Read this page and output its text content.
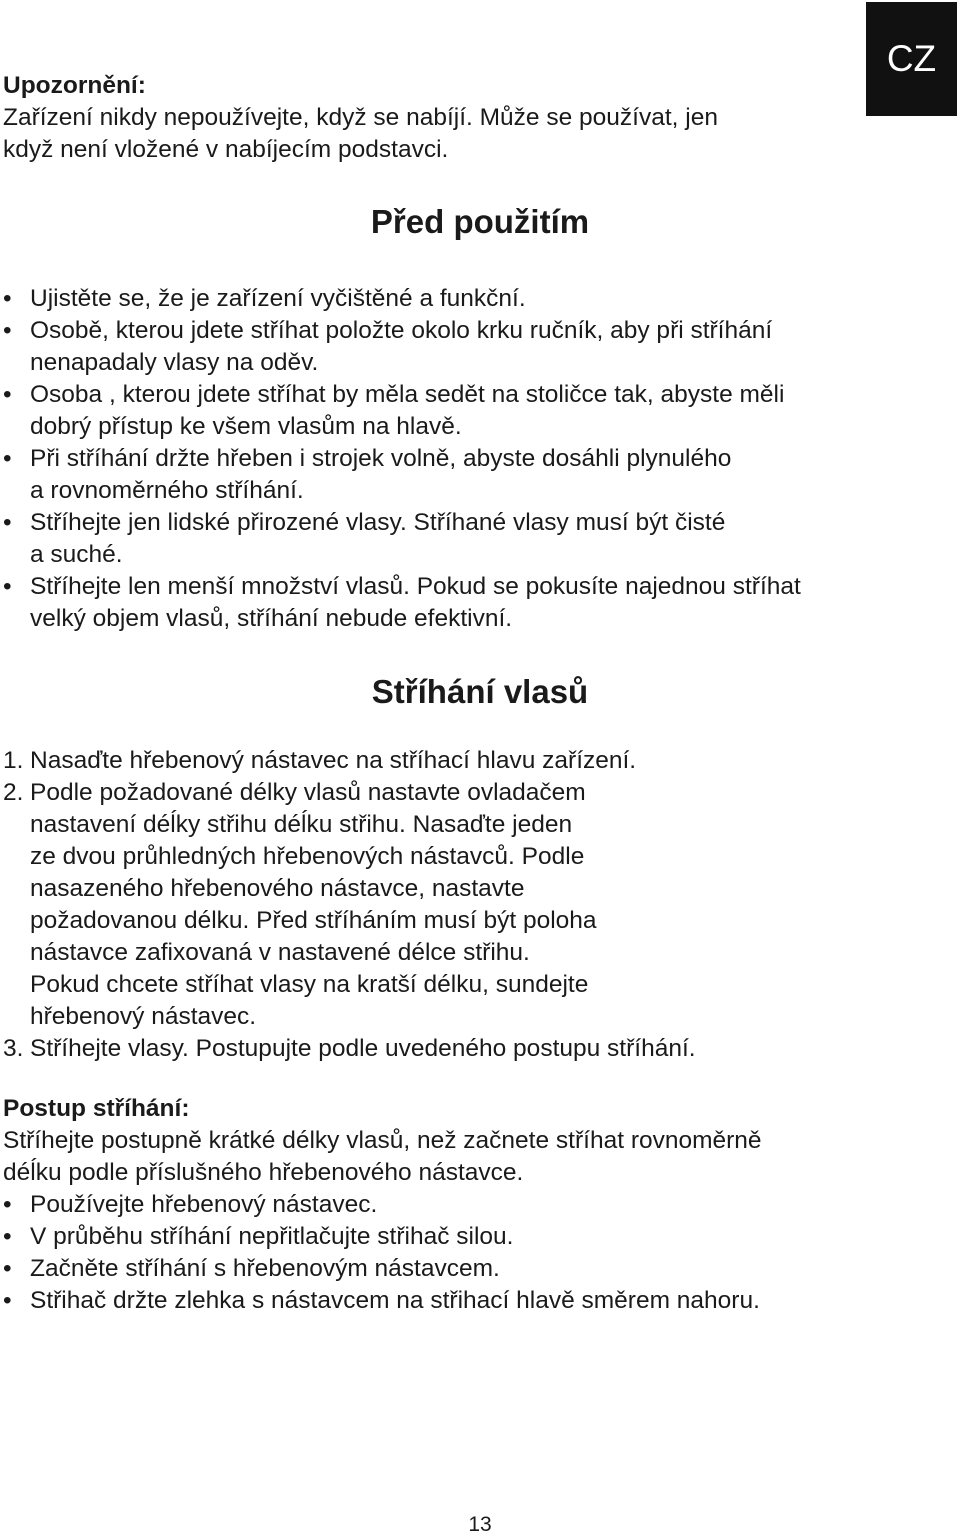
CZ
Upozornění:
Zařízení nikdy nepoužívejte, když se nabíjí. Může se používat, jen
když není vložené v nabíjecím podstavci.
Před použitím
• Ujistěte se, že je zařízení vyčištěné a funkční.
• Osobě, kterou jdete stříhat položte okolo krku ručník, aby při stříhání
nenapadaly vlasy na oděv.
• Osoba , kterou jdete stříhat by měla sedět na stoličce tak, abyste měli
dobrý přístup ke všem vlasům na hlavě.
• Při stříhání držte hřeben i strojek volně, abyste dosáhli plynulého
a rovnoměrného stříhání.
• Stříhejte jen lidské přirozené vlasy. Stříhané vlasy musí být čisté
a suché.
• Stříhejte len menší množství vlasů. Pokud se pokusíte najednou stříhat
velký objem vlasů, stříhání nebude efektivní.
Stříhání vlasů
1. Nasaďte hřebenový nástavec na stříhací hlavu zařízení.
2. Podle požadované délky vlasů nastavte ovladačem
nastavení déĺky střihu déĺku střihu. Nasaďte jeden
ze dvou průhledných hřebenových nástavců. Podle
nasazeného hřebenového nástavce, nastavte
požadovanou délku. Před stříháním musí být poloha
nástavce zafixovaná v nastavené délce střihu.
Pokud chcete stříhat vlasy na kratší délku, sundejte
hřebenový nástavec.
3. Stříhejte vlasy. Postupujte podle uvedeného postupu stříhání.
Postup stříhání:
Stříhejte postupně krátké délky vlasů, než začnete stříhat rovnoměrně
déĺku podle příslušného hřebenového nástavce.
• Používejte hřebenový nástavec.
• V průběhu stříhání nepřitlačujte střihač silou.
• Začněte stříhání s hřebenovým nástavcem.
• Střihač držte zlehka s nástavcem na střihací hlavě směrem nahoru.
13
